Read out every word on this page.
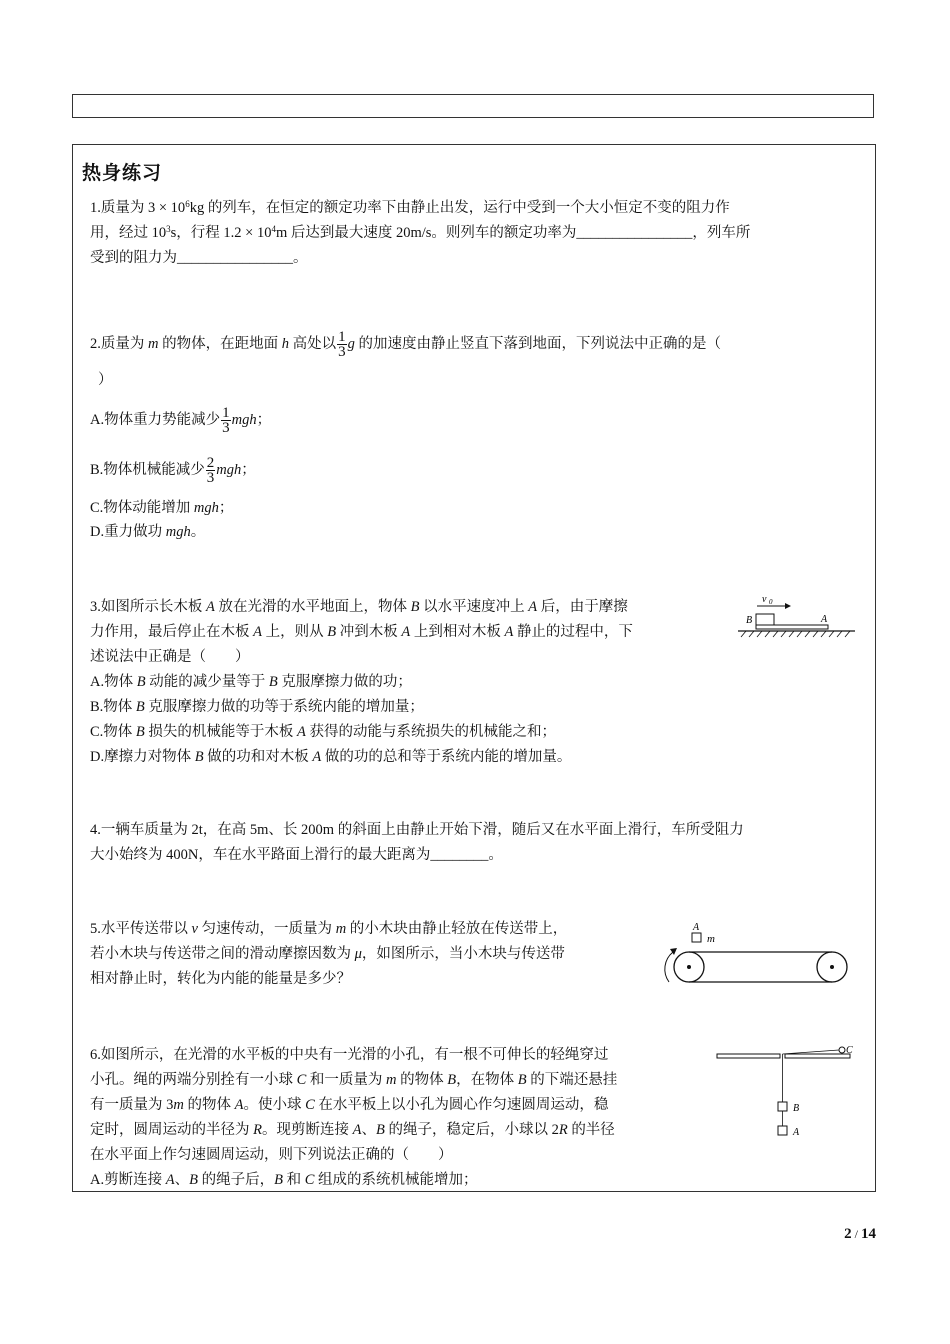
热身练习
1.质量为 $3 \times 10^6kg$ 的列车，在恒定的额定功率下由静止出发，运行中受到一个大小恒定不变的阻力作
用，经过 $10^3s$，行程 $1.2 \times 10^4m$ 后达到最大速度 20m/s。则列车的额定功率为________________，列车所
受到的阻力为________________。
2.质量为 m 的物体，在距地面 h 高处以 $\frac{1}{3}$ g 的加速度由静止竖直下落到地面，下列说法中正确的是（
）
A.物体重力势能减少 $\frac{1}{3}$ mgh；
B.物体机械能减少 $\frac{2}{3}$ mgh；
C.物体动能增加 mgh；
D.重力做功 mgh。
3.如图所示长木板 A 放在光滑的水平地面上，物体 B 以水平速度冲上 A 后，由于摩擦
力作用，最后停止在木板 A 上，则从 B 冲到木板 A 上到相对木板 A 静止的过程中，下
述说法中正确是（　　）
A.物体 B 动能的减少量等于 B 克服摩擦力做的功；
B.物体 B 克服摩擦力做的功等于系统内能的增加量；
C.物体 B 损失的机械能等于木板 A 获得的动能与系统损失的机械能之和；
D.摩擦力对物体 B 做的功和对木板 A 做的功的总和等于系统内能的增加量。
v 0
B	A
4.一辆车质量为 2t，在高 5m、长 200m 的斜面上由静止开始下滑，随后又在水平面上滑行，车所受阻力
大小始终为 400N，车在水平路面上滑行的最大距离为________。
5.水平传送带以 v 匀速传动，一质量为 m 的小木块由静止轻放在传送带上，
若小木块与传送带之间的滑动摩擦因数为 μ，如图所示，当小木块与传送带
相对静止时，转化为内能的能量是多少？
A
m
6.如图所示，在光滑的水平板的中央有一光滑的小孔，有一根不可伸长的轻绳穿过
小孔。绳的两端分别拴有一小球 C 和一质量为 m 的物体 B，在物体 B 的下端还悬挂
有一质量为 3m 的物体 A。使小球 C 在水平板上以小孔为圆心作匀速圆周运动，稳
定时，圆周运动的半径为 R。现剪断连接 A、B 的绳子，稳定后，小球以 2R 的半径
在水平面上作匀速圆周运动，则下列说法正确的（　　）
A.剪断连接 A、B 的绳子后，B 和 C 组成的系统机械能增加；
C
B
A
2 / 14
